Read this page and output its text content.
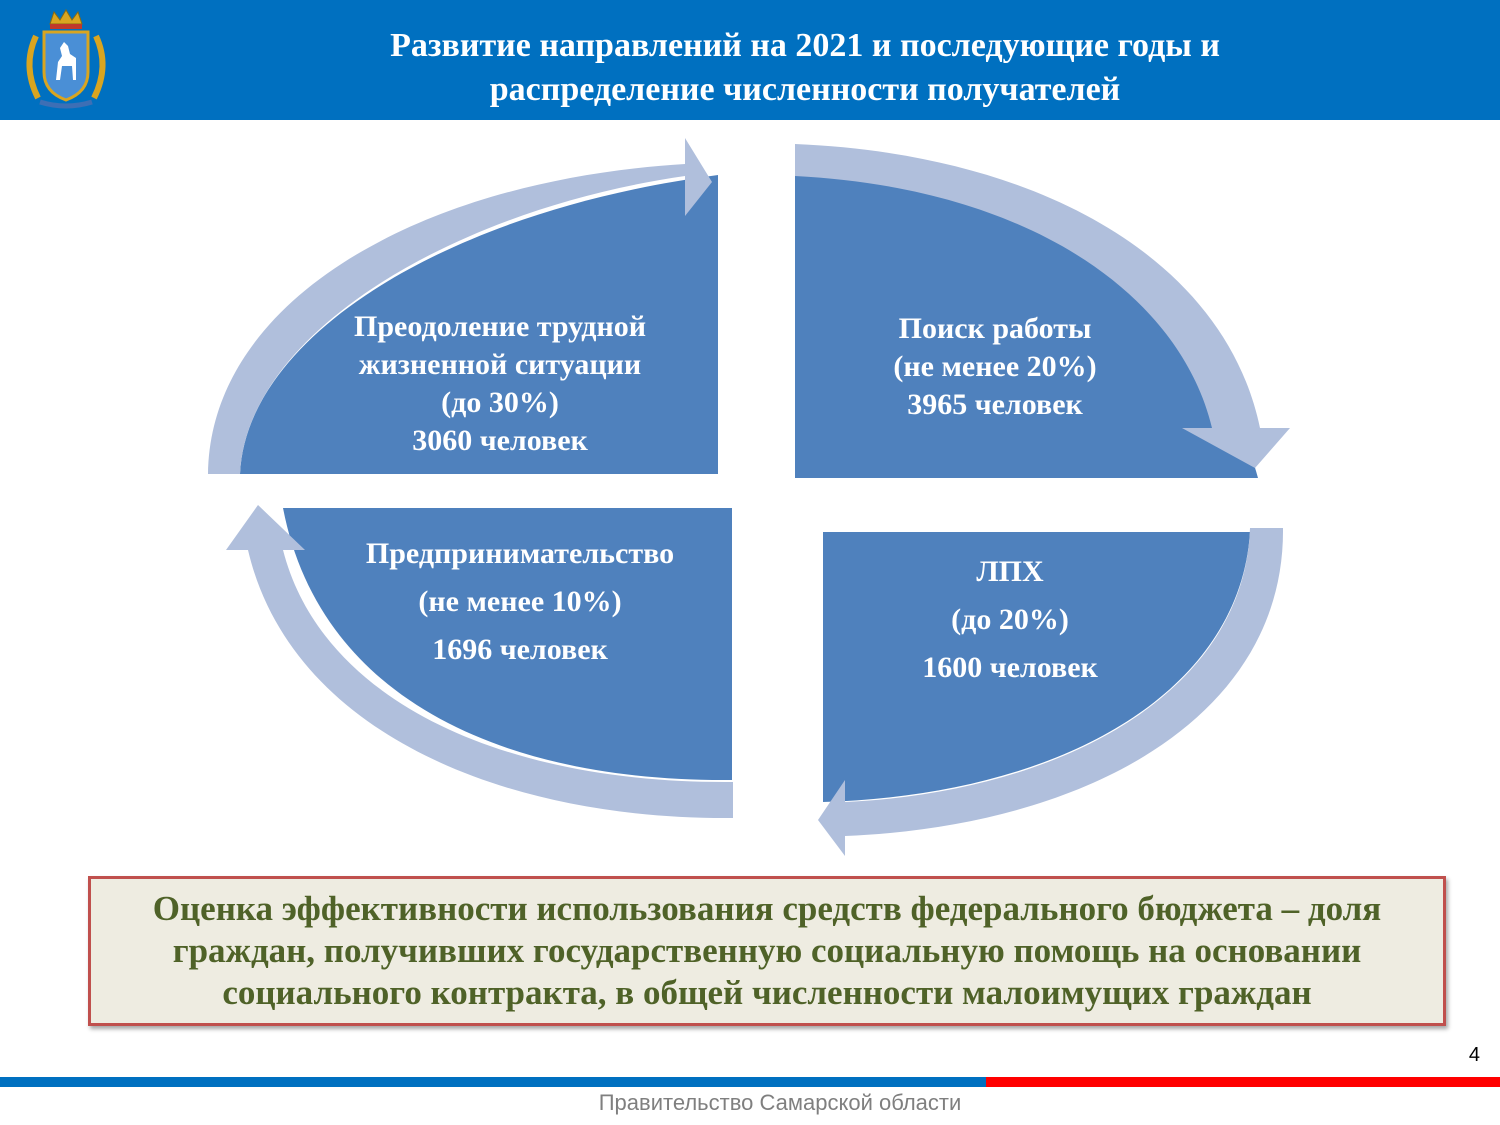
Развитие направлений на 2021 и последующие годы и
распределение численности получателей
Преодоление трудной
жизненной ситуации
(до 30%)
3060 человек
Поиск работы
(не менее 20%)
3965 человек
Предпринимательство
(не менее 10%)
1696 человек
ЛПХ
(до 20%)
1600 человек
Оценка эффективности использования средств федерального бюджета – доля
граждан, получивших государственную социальную помощь на основании
социального контракта, в общей численности малоимущих граждан
4
Правительство Самарской области
